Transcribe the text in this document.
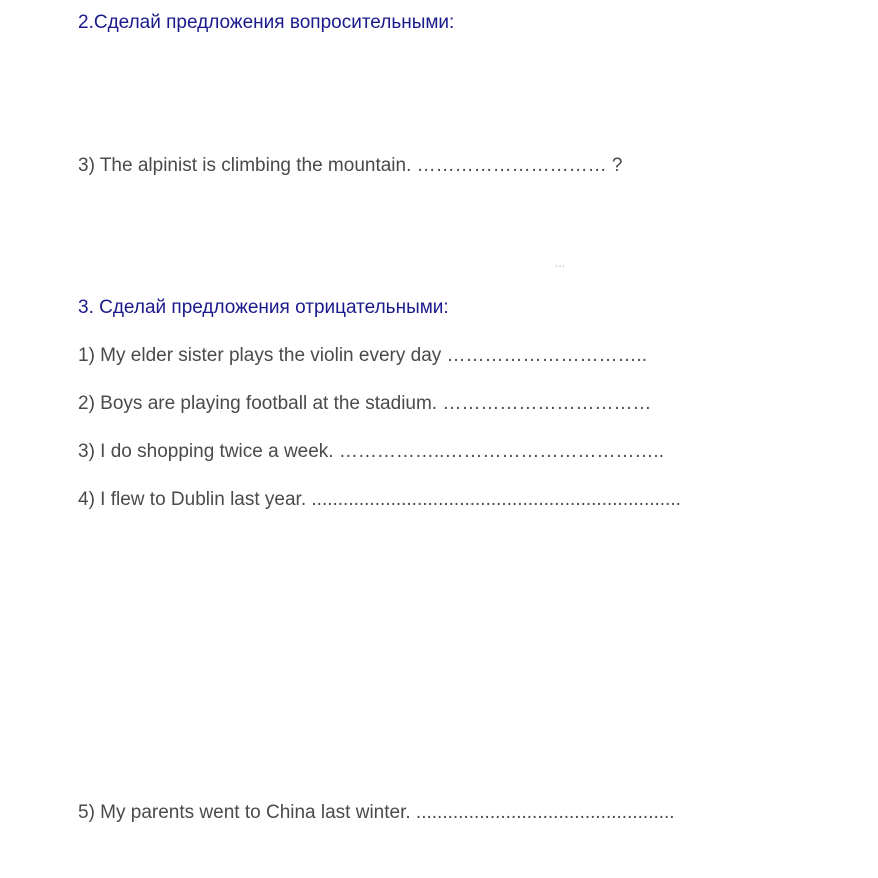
2.Сделай предложения вопросительными:
3) The alpinist is climbing the mountain. ………………………… ?
...
3. Сделай предложения отрицательными:
1) My elder sister plays the violin every day …………………………..
2) Boys are playing football at the stadium. ……………………………
3) I do shopping twice a week. ……………..……………………………..
4) I flew to Dublin last year. ......................................................................
5) My parents went to China last winter. .................................................
